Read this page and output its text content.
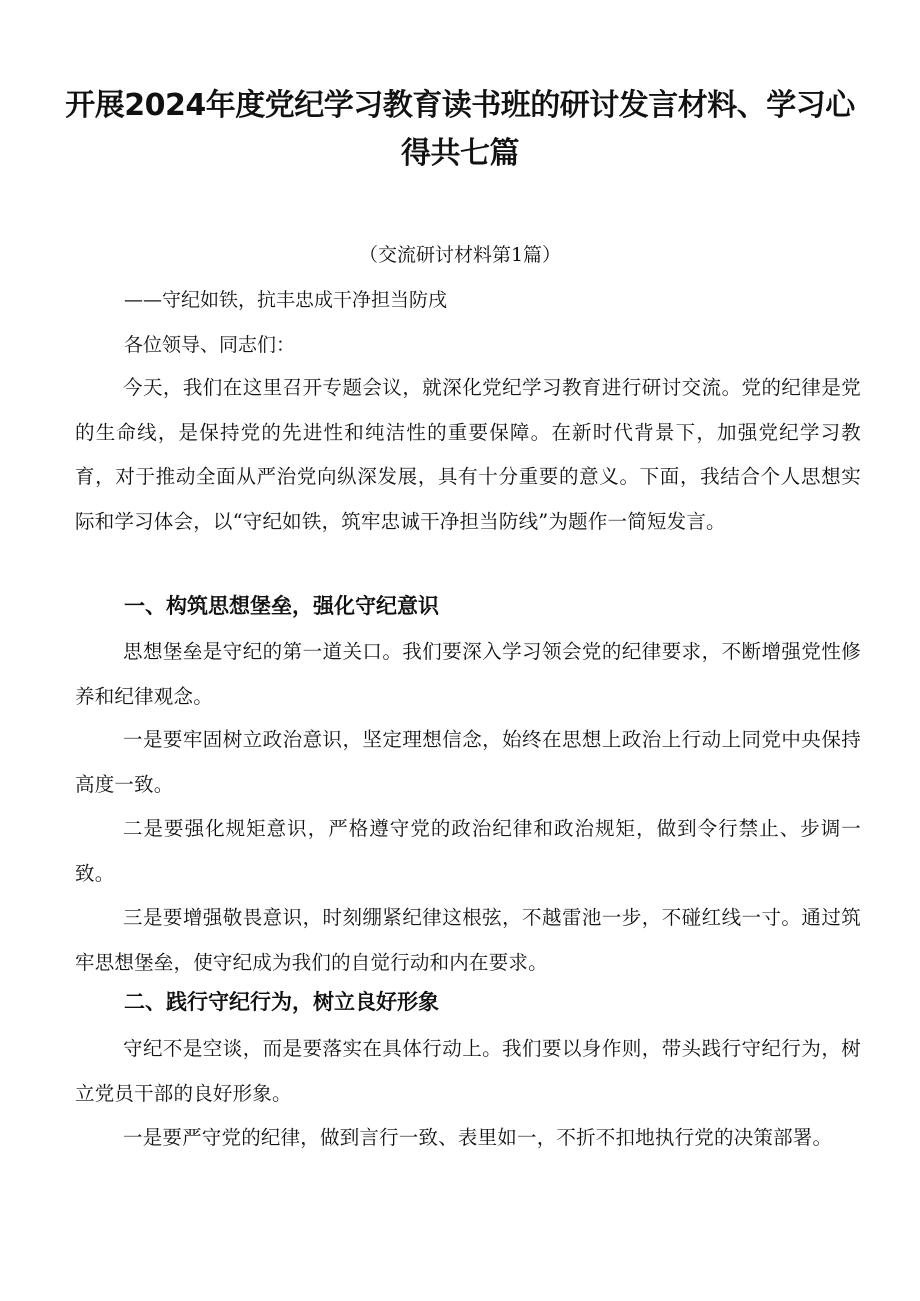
开展2024年度党纪学习教育读书班的研讨发言材料、学习心得共七篇

（交流研讨材料第1篇）

——守纪如铁，抗丰忠成干净担当防戌

各位领导、同志们：

今天，我们在这里召开专题会议，就深化党纪学习教育进行研讨交流。党的纪律是党的生命线，是保持党的先进性和纯洁性的重要保障。在新时代背景下，加强党纪学习教育，对于推动全面从严治党向纵深发展，具有十分重要的意义。下面，我结合个人思想实际和学习体会，以“守纪如铁，筑牢忠诚干净担当防线”为题作一简短发言。

一、构筑思想堡垒，强化守纪意识

思想堡垒是守纪的第一道关口。我们要深入学习领会党的纪律要求，不断增强党性修养和纪律观念。

一是要牢固树立政治意识，坚定理想信念，始终在思想上政治上行动上同党中央保持高度一致。

二是要强化规矩意识，严格遵守党的政治纪律和政治规矩，做到令行禁止、步调一致。

三是要增强敬畏意识，时刻绷紧纪律这根弦，不越雷池一步，不碰红线一寸。通过筑牢思想堡垒，使守纪成为我们的自觉行动和内在要求。

二、践行守纪行为，树立良好形象

守纪不是空谈，而是要落实在具体行动上。我们要以身作则，带头践行守纪行为，树立党员干部的良好形象。

一是要严守党的纪律，做到言行一致、表里如一，不折不扣地执行党的决策部署。
